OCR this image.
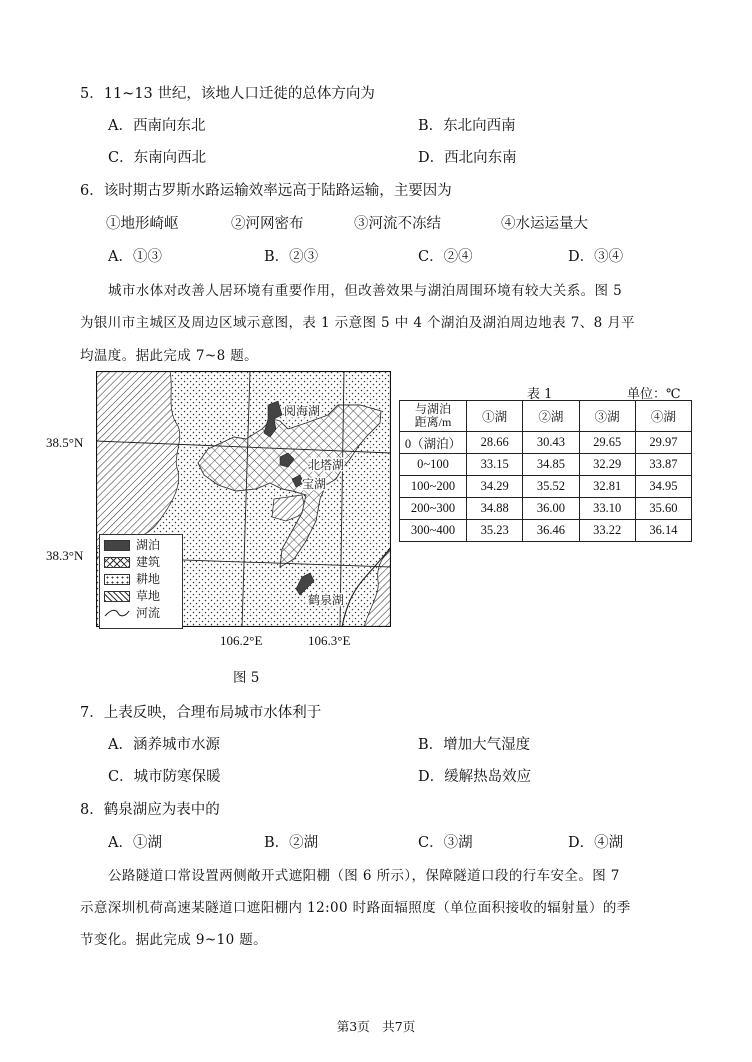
5．11~13 世纪，该地人口迁徙的总体方向为
A．西南向东北	B．东北向西南
C．东南向西北	D．西北向东南
6．该时期古罗斯水路运输效率远高于陆路运输，主要因为
①地形崎岖	②河网密布	③河流不冻结	④水运运量大
A．①③	B．②③	C．②④	D．③④
城市水体对改善人居环境有重要作用，但改善效果与湖泊周围环境有较大关系。图 5
为银川市主城区及周边区域示意图，表 1 示意图 5 中 4 个湖泊及湖泊周边地表 7、8 月平
均温度。据此完成 7~8 题。
阅海湖
北塔湖
宝湖
鹤泉湖
湖泊
建筑
耕地
草地
河流
38.5°N
38.3°N
106.2°E	106.3°E
图 5
表 1	单位：℃
与湖泊
距离/m	①湖	②湖	③湖	④湖
0（湖泊）	28.66	30.43	29.65	29.97
0~100	33.15	34.85	32.29	33.87
100~200	34.29	35.52	32.81	34.95
200~300	34.88	36.00	33.10	35.60
300~400	35.23	36.46	33.22	36.14
7．上表反映，合理布局城市水体利于
A．涵养城市水源	B．增加大气湿度
C．城市防寒保暖	D．缓解热岛效应
8．鹤泉湖应为表中的
A．①湖	B．②湖	C．③湖	D．④湖
公路隧道口常设置两侧敞开式遮阳棚（图 6 所示），保障隧道口段的行车安全。图 7
示意深圳机荷高速某隧道口遮阳棚内 12:00 时路面辐照度（单位面积接收的辐射量）的季
节变化。据此完成 9~10 题。
第3页　共7页
